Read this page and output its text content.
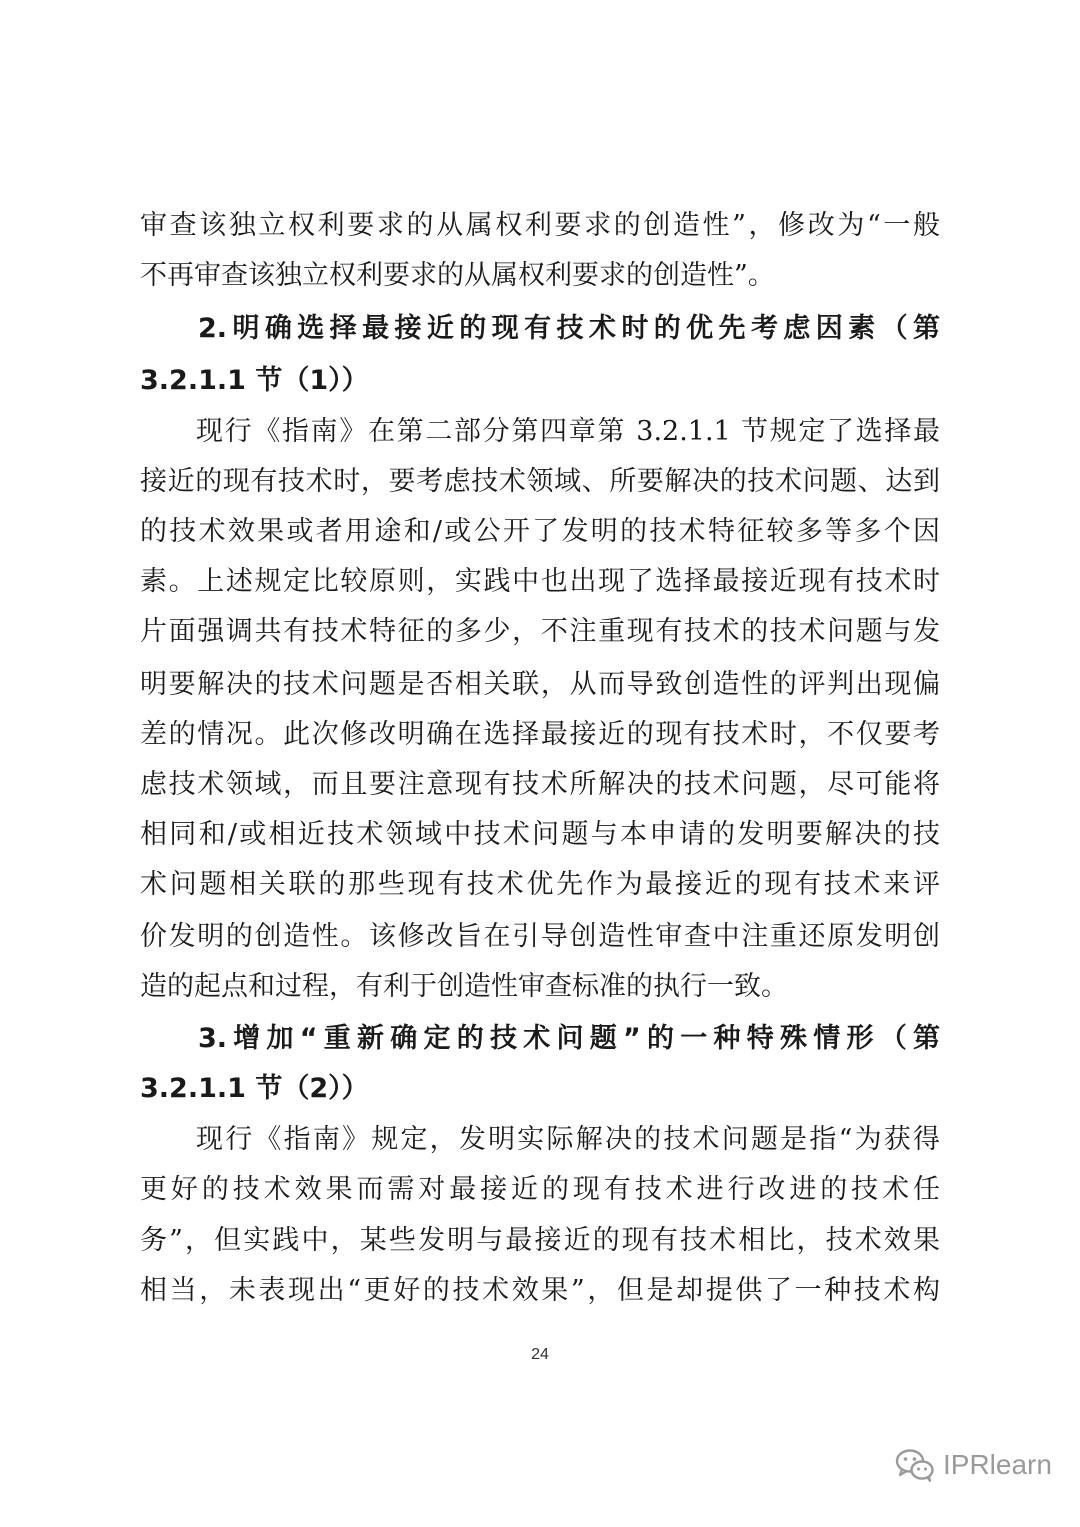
审查该独立权利要求的从属权利要求的创造性”，修改为“一般
不再审查该独立权利要求的从属权利要求的创造性”。
2.明确选择最接近的现有技术时的优先考虑因素（第
3.2.1.1 节（1））
现行《指南》在第二部分第四章第 3.2.1.1 节规定了选择最
接近的现有技术时，要考虑技术领域、所要解决的技术问题、达到
的技术效果或者用途和/或公开了发明的技术特征较多等多个因
素。上述规定比较原则，实践中也出现了选择最接近现有技术时
片面强调共有技术特征的多少，不注重现有技术的技术问题与发
明要解决的技术问题是否相关联，从而导致创造性的评判出现偏
差的情况。此次修改明确在选择最接近的现有技术时，不仅要考
虑技术领域，而且要注意现有技术所解决的技术问题，尽可能将
相同和/或相近技术领域中技术问题与本申请的发明要解决的技
术问题相关联的那些现有技术优先作为最接近的现有技术来评
价发明的创造性。该修改旨在引导创造性审查中注重还原发明创
造的起点和过程，有利于创造性审查标准的执行一致。
3.增加“重新确定的技术问题”的一种特殊情形（第
3.2.1.1 节（2））
现行《指南》规定，发明实际解决的技术问题是指“为获得
更好的技术效果而需对最接近的现有技术进行改进的技术任
务”，但实践中，某些发明与最接近的现有技术相比，技术效果
相当，未表现出“更好的技术效果”，但是却提供了一种技术构
24
IPRlearn
